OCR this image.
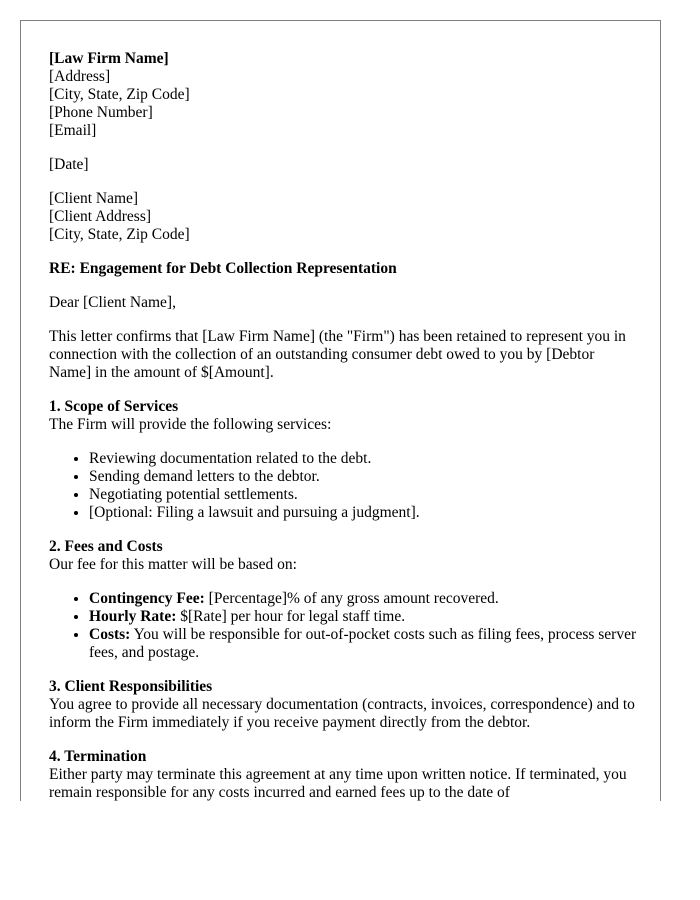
[Law Firm Name]
[Address]
[City, State, Zip Code]
[Phone Number]
[Email]
[Date]
[Client Name]
[Client Address]
[City, State, Zip Code]
RE: Engagement for Debt Collection Representation
Dear [Client Name],

This letter confirms that [Law Firm Name] (the "Firm") has been retained to represent you in connection with the collection of an outstanding consumer debt owed to you by [Debtor Name] in the amount of $[Amount].

1. Scope of Services
The Firm will provide the following services:
• Reviewing documentation related to the debt.
• Sending demand letters to the debtor.
• Negotiating potential settlements.
• [Optional: Filing a lawsuit and pursuing a judgment].
2. Fees and Costs
Our fee for this matter will be based on:
• Contingency Fee: [Percentage]% of any gross amount recovered.
• Hourly Rate: $[Rate] per hour for legal staff time.
• Costs: You will be responsible for out-of-pocket costs such as filing fees, process server fees, and postage.
3. Client Responsibilities

You agree to provide all necessary documentation (contracts, invoices, correspondence) and to inform the Firm immediately if you receive payment directly from the debtor.

4. Termination

Either party may terminate this agreement at any time upon written notice. If terminated, you remain responsible for any costs incurred and earned fees up to the date of
